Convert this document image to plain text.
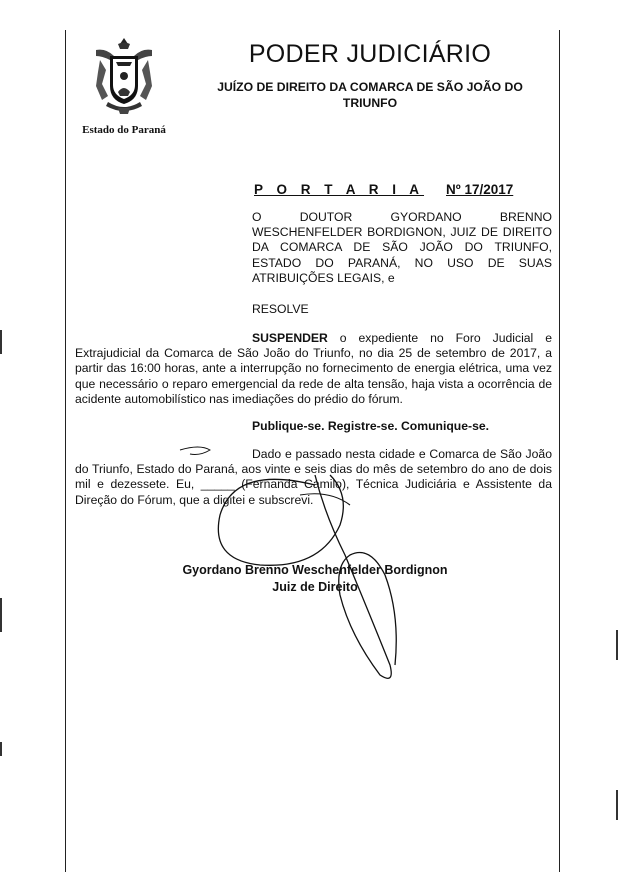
Estado do Paraná
PODER JUDICIÁRIO
JUÍZO DE DIREITO DA COMARCA DE SÃO JOÃO DO TRIUNFO
P O R T A R I A Nº 17/2017
O DOUTOR GYORDANO BRENNO WESCHENFELDER BORDIGNON, JUIZ DE DIREITO DA COMARCA DE SÃO JOÃO DO TRIUNFO, ESTADO DO PARANÁ, NO USO DE SUAS ATRIBUIÇÕES LEGAIS, e
RESOLVE
SUSPENDER o expediente no Foro Judicial e Extrajudicial da Comarca de São João do Triunfo, no dia 25 de setembro de 2017, a partir das 16:00 horas, ante a interrupção no fornecimento de energia elétrica, uma vez que necessário o reparo emergencial da rede de alta tensão, haja vista a ocorrência de acidente automobilístico nas imediações do prédio do fórum.
Publique-se. Registre-se. Comunique-se.
Dado e passado nesta cidade e Comarca de São João do Triunfo, Estado do Paraná, aos vinte e seis dias do mês de setembro do ano de dois mil e dezessete. Eu, _____ (Fernanda Camilo), Técnica Judiciária e Assistente da Direção do Fórum, que a digitei e subscrevi.
Gyordano Brenno Weschenfelder Bordignon
Juiz de Direito
